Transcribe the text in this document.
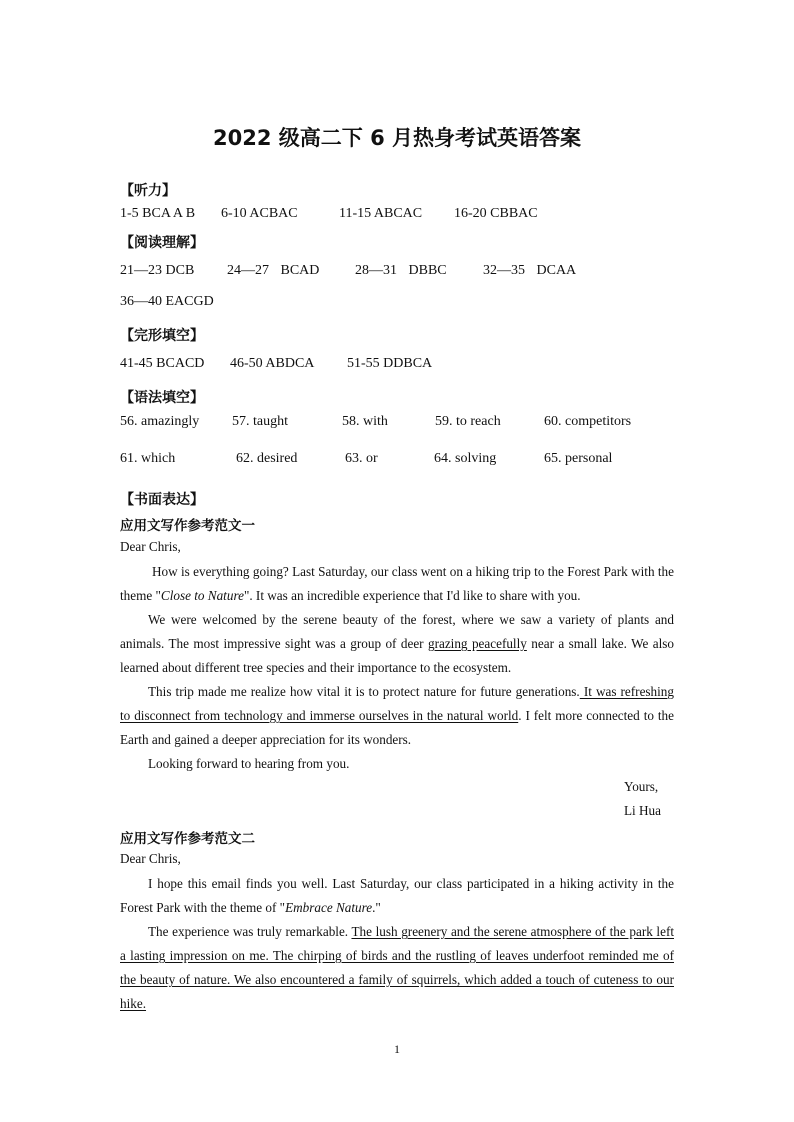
2022 级高二下 6 月热身考试英语答案
【听力】
1-5 BCA A B 6-10 ACBAC	11-15 ABCAC 16-20 CBBAC
【阅读理解】
21—23 DCB 24—27 BCAD	28—31 DBBC	32—35 DCAA
36—40 EACGD
【完形填空】
41-45 BCACD 46-50 ABDCA 51-55 DDBCA
【语法填空】
56. amazingly 57. taught	58. with	59. to reach	60. competitors
61. which	62. desired	63. or	64. solving	65. personal
【书面表达】
应用文写作参考范文一
Dear Chris,
How is everything going? Last Saturday, our class went on a hiking trip to the Forest Park with the theme "Close to Nature". It was an incredible experience that I'd like to share with you.
We were welcomed by the serene beauty of the forest, where we saw a variety of plants and animals. The most impressive sight was a group of deer grazing peacefully near a small lake. We also learned about different tree species and their importance to the ecosystem.
This trip made me realize how vital it is to protect nature for future generations. It was refreshing to disconnect from technology and immerse ourselves in the natural world. I felt more connected to the Earth and gained a deeper appreciation for its wonders.
Looking forward to hearing from you.
Yours,
Li Hua
应用文写作参考范文二
Dear Chris,
I hope this email finds you well. Last Saturday, our class participated in a hiking activity in the Forest Park with the theme of "Embrace Nature."
The experience was truly remarkable. The lush greenery and the serene atmosphere of the park left a lasting impression on me. The chirping of birds and the rustling of leaves underfoot reminded me of the beauty of nature. We also encountered a family of squirrels, which added a touch of cuteness to our hike.
1
